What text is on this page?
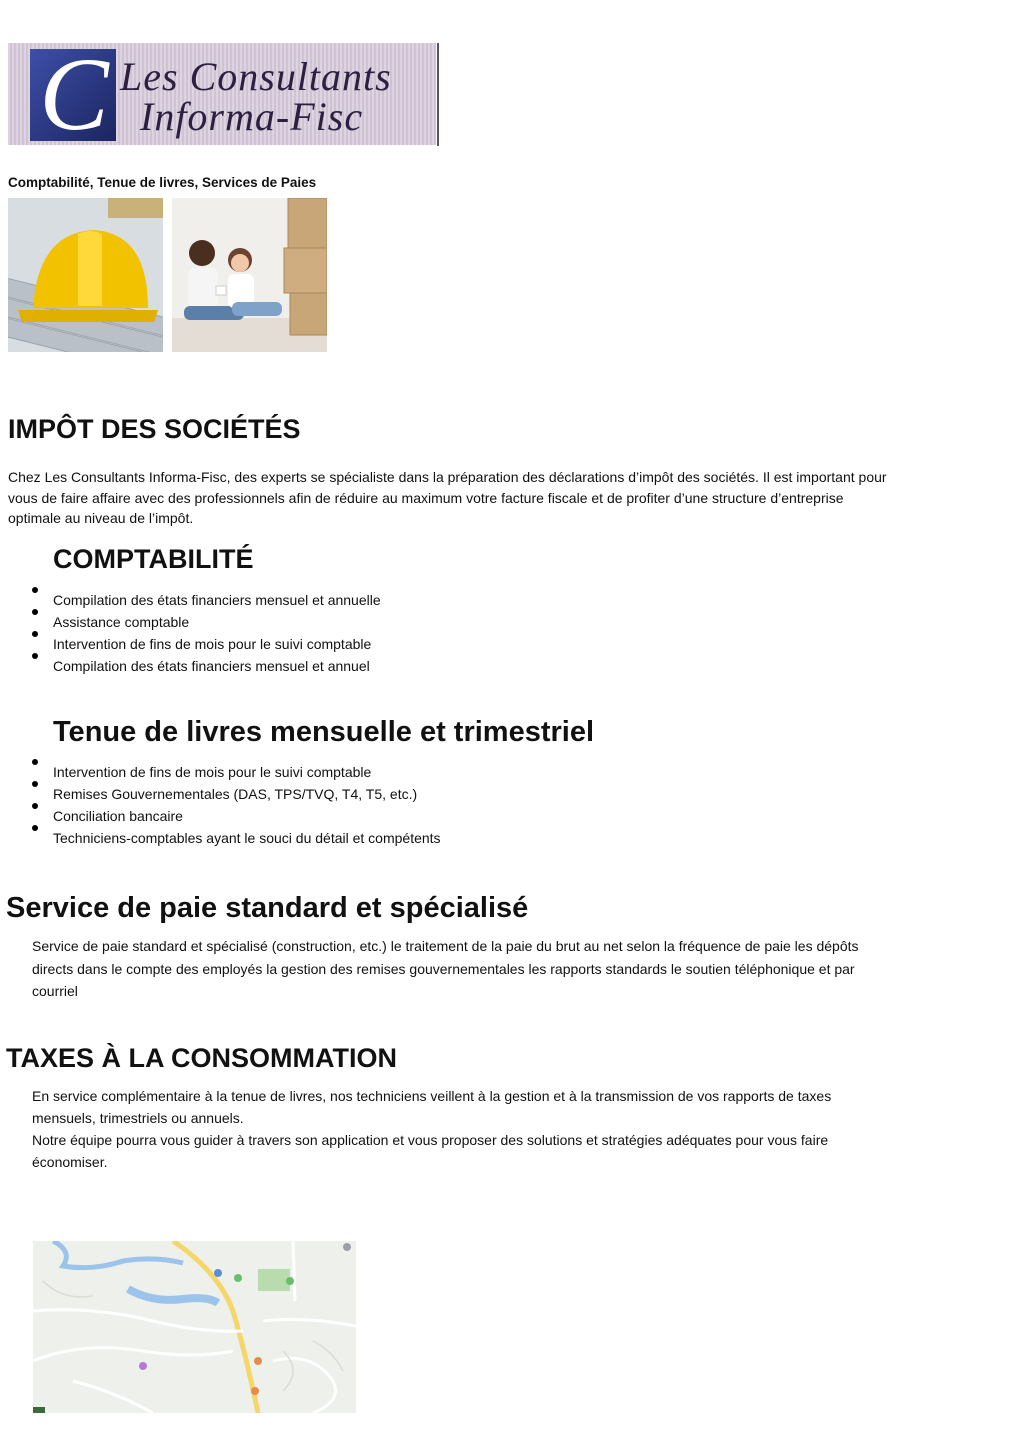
C Les Consultants
Informa-Fisc
Comptabilité, Tenue de livres, Services de Paies
IMPÔT DES SOCIÉTÉS

Chez Les Consultants Informa-Fisc, des experts se spécialiste dans la préparation des déclarations d’impôt des sociétés. Il est important pour vous de faire affaire avec des professionnels afin de réduire au maximum votre facture fiscale et de profiter d’une structure d’entreprise optimale au niveau de l’impôt.

COMPTABILITÉ
Compilation des états financiers mensuel et annuelle
Assistance comptable
Intervention de fins de mois pour le suivi comptable
Compilation des états financiers mensuel et annuel
Tenue de livres mensuelle et trimestriel
Intervention de fins de mois pour le suivi comptable
Remises Gouvernementales (DAS, TPS/TVQ, T4, T5, etc.)
Conciliation bancaire
Techniciens-comptables ayant le souci du détail et compétents
Service de paie standard et spécialisé

Service de paie standard et spécialisé (construction, etc.) le traitement de la paie du brut au net selon la fréquence de paie les dépôts directs dans le compte des employés la gestion des remises gouvernementales les rapports standards le soutien téléphonique et par courriel

TAXES À LA CONSOMMATION

En service complémentaire à la tenue de livres, nos techniciens veillent à la gestion et à la transmission de vos rapports de taxes mensuels, trimestriels ou annuels.

Notre équipe pourra vous guider à travers son application et vous proposer des solutions et stratégies adéquates pour vous faire économiser.
